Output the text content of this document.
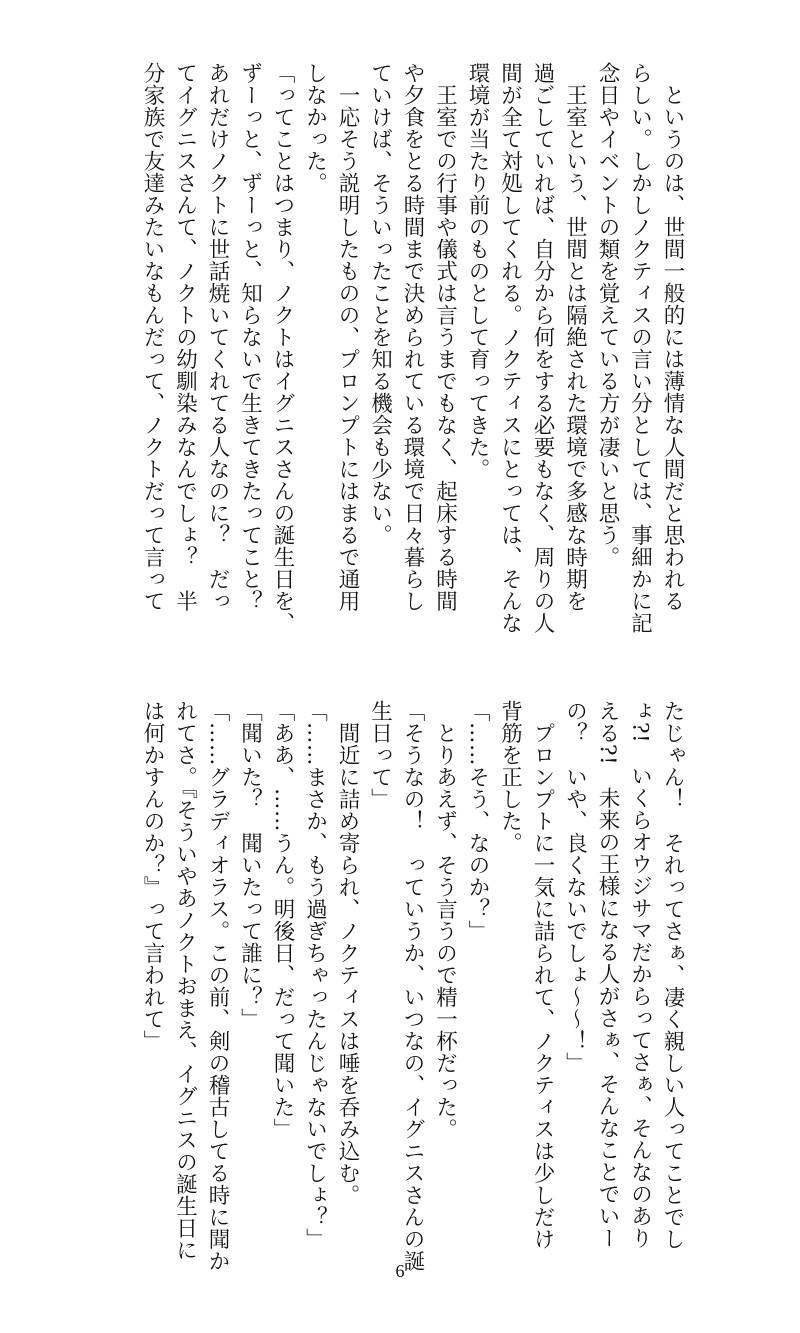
　というのは、世間一般的には薄情な人間だと思われる

らしい。しかしノクティスの言い分としては、事細かに記

念日やイベントの類を覚えている方が凄いと思う。

　王室という、世間とは隔絶された環境で多感な時期を

過ごしていれば、自分から何をする必要もなく、周りの人

間が全て対処してくれる。ノクティスにとっては、そんな

環境が当たり前のものとして育ってきた。

　王室での行事や儀式は言うまでもなく、起床する時間

や夕食をとる時間まで決められている環境で日々暮らし

ていけば、そういったことを知る機会も少ない。

　一応そう説明したものの、プロンプトにはまるで通用

しなかった。

「ってことはつまり、ノクトはイグニスさんの誕生日を、

ずーっと、ずーっと、知らないで生きてきたってこと？

あれだけノクトに世話焼いてくれてる人なのに？　だっ

てイグニスさんて、ノクトの幼馴染みなんでしょ？　半

分家族で友達みたいなもんだって、ノクトだって言って

たじゃん！　それってさぁ、凄く親しい人ってことでし

ょ?!　いくらオウジサマだからってさぁ、そんなのあり

える?!　未来の王様になる人がさぁ、そんなことでいー

の？　いや、良くないでしょ〜〜！」

　プロンプトに一気に詰られて、ノクティスは少しだけ

背筋を正した。

「……そう、なのか？」

　とりあえず、そう言うので精一杯だった。

「そうなの！　っていうか、いつなの、イグニスさんの誕

生日って」

　間近に詰め寄られ、ノクティスは唾を呑み込む。

「……まさか、もう過ぎちゃったんじゃないでしょ？」

「ああ、……うん。明後日、だって聞いた」

「聞いた？　聞いたって誰に？」

「……グラディオラス。この前、剣の稽古してる時に聞か

れてさ。『そういやあノクトおまえ、イグニスの誕生日に

は何かすんのか？』って言われて」

6
